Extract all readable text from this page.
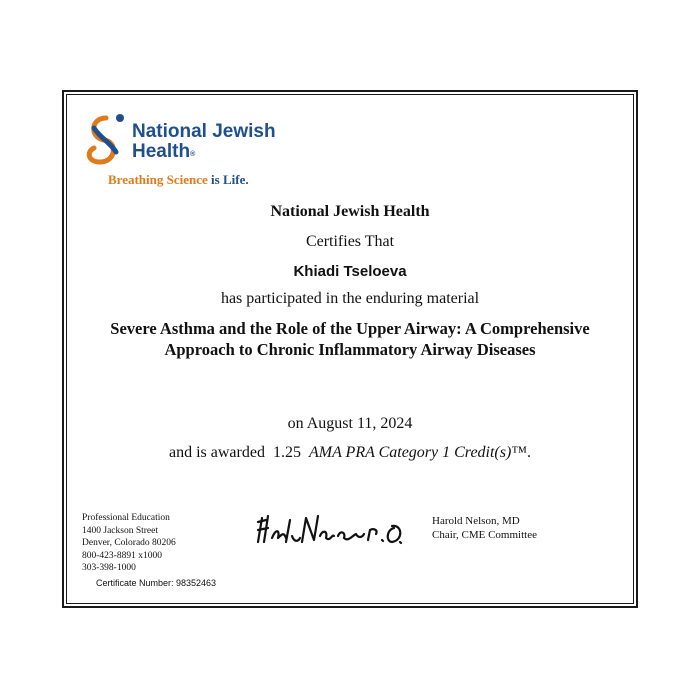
National Jewish
Health®
Breathing Science is Life.
National Jewish Health
Certifies That
Khiadi Tseloeva
has participated in the enduring material
Severe Asthma and the Role of the Upper Airway: A Comprehensive Approach to Chronic Inflammatory Airway Diseases
on August 11, 2024
and is awarded  1.25  AMA PRA Category 1 Credit(s)™.
Professional Education
1400 Jackson Street
Denver, Colorado 80206
800-423-8891 x1000
303-398-1000
Certificate Number: 98352463
Harold Nelson, MD
Chair, CME Committee
